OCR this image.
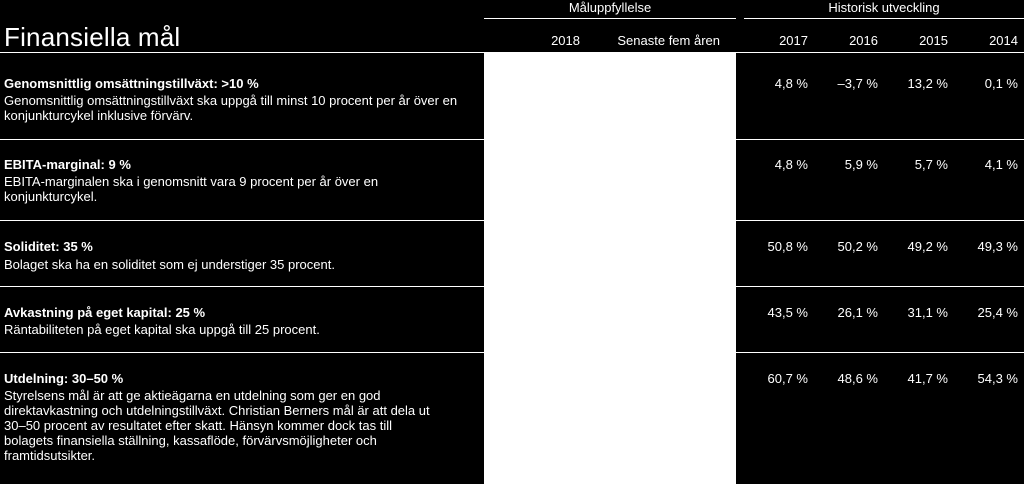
Måluppfyllelse	Historisk utveckling
Finansiella mål	2018	Senaste fem åren	2017	2016	2015	2014
Genomsnittlig omsättningstillväxt: >10 %
Genomsnittlig omsättningstillväxt ska uppgå till minst 10 procent per år över en konjunkturcykel inklusive förvärv.
4,8 %	–3,7 %	13,2 %	0,1 %
EBITA-marginal: 9 %
EBITA-marginalen ska i genomsnitt vara 9 procent per år över en konjunkturcykel.
4,8 %	5,9 %	5,7 %	4,1 %
Soliditet: 35 %
Bolaget ska ha en soliditet som ej understiger 35 procent.
50,8 %	50,2 %	49,2 %	49,3 %
Avkastning på eget kapital: 25 %
Räntabiliteten på eget kapital ska uppgå till 25 procent.
43,5 %	26,1 %	31,1 %	25,4 %
Utdelning: 30–50 %
Styrelsens mål är att ge aktieägarna en utdelning som ger en god direktavkastning och utdelningstillväxt. Christian Berners mål är att dela ut 30–50 procent av resultatet efter skatt. Hänsyn kommer dock tas till bolagets finansiella ställning, kassaflöde, förvärvsmöjligheter och framtidsutsikter.
60,7 %	48,6 %	41,7 %	54,3 %
